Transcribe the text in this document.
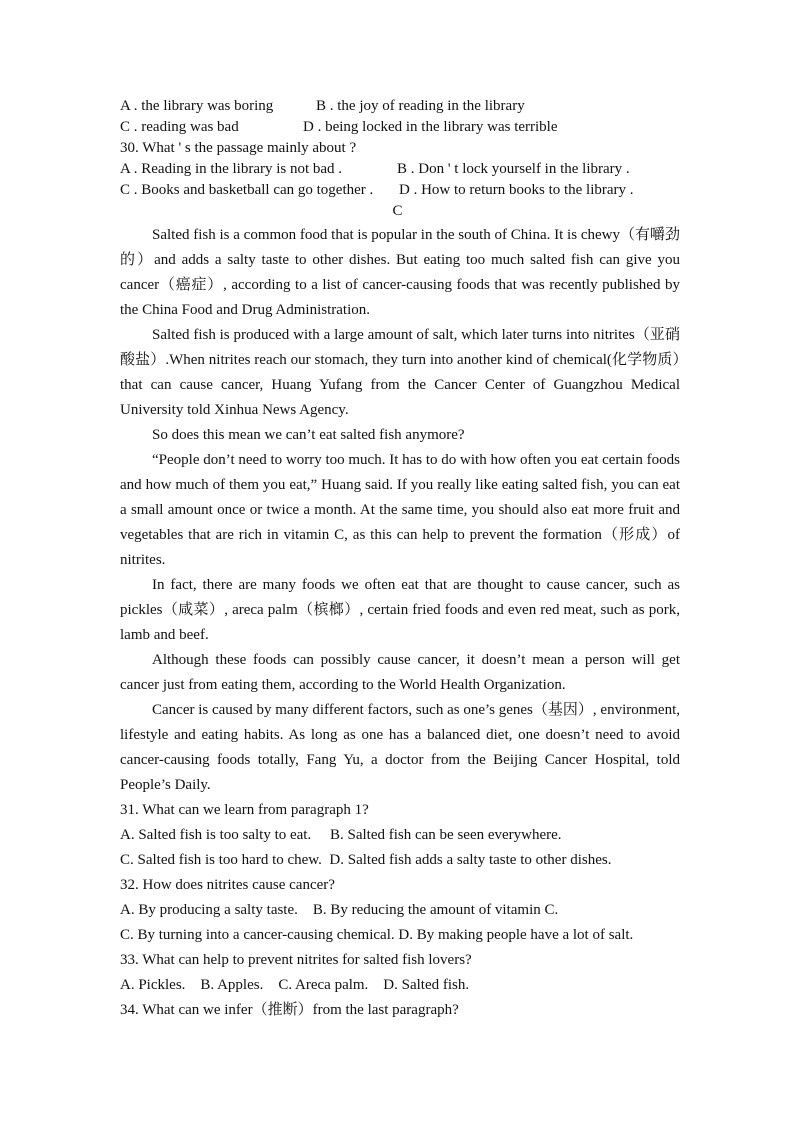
A . the library was boring	B . the joy of reading in the library
C . reading was bad	D . being locked in the library was terrible
30. What ' s the passage mainly about ?
A . Reading in the library is not bad .	B . Don ' t lock yourself in the library .
C . Books and basketball can go together .	D . How to return books to the library .
C

Salted fish is a common food that is popular in the south of China. It is chewy（有嚼劲的）and adds a salty taste to other dishes. But eating too much salted fish can give you cancer（癌症）, according to a list of cancer-causing foods that was recently published by the China Food and Drug Administration.

Salted fish is produced with a large amount of salt, which later turns into nitrites（亚硝酸盐）.When nitrites reach our stomach, they turn into another kind of chemical(化学物质）that can cause cancer, Huang Yufang from the Cancer Center of Guangzhou Medical University told Xinhua News Agency.

So does this mean we can’t eat salted fish anymore?

“People don’t need to worry too much. It has to do with how often you eat certain foods and how much of them you eat,” Huang said. If you really like eating salted fish, you can eat a small amount once or twice a month. At the same time, you should also eat more fruit and vegetables that are rich in vitamin C, as this can help to prevent the formation（形成）of nitrites.

In fact, there are many foods we often eat that are thought to cause cancer, such as pickles（咸菜）, areca palm（槟榔）, certain fried foods and even red meat, such as pork, lamb and beef.

Although these foods can possibly cause cancer, it doesn’t mean a person will get cancer just from eating them, according to the World Health Organization.

Cancer is caused by many different factors, such as one’s genes（基因）, environment, lifestyle and eating habits. As long as one has a balanced diet, one doesn’t need to avoid cancer-causing foods totally, Fang Yu, a doctor from the Beijing Cancer Hospital, told People’s Daily.

31. What can we learn from paragraph 1?
A. Salted fish is too salty to eat.     B. Salted fish can be seen everywhere.
C. Salted fish is too hard to chew.  D. Salted fish adds a salty taste to other dishes.
32. How does nitrites cause cancer?
A. By producing a salty taste.    B. By reducing the amount of vitamin C.
C. By turning into a cancer-causing chemical. D. By making people have a lot of salt.
33. What can help to prevent nitrites for salted fish lovers?
A. Pickles.    B. Apples.    C. Areca palm.    D. Salted fish.
34. What can we infer（推断）from the last paragraph?
